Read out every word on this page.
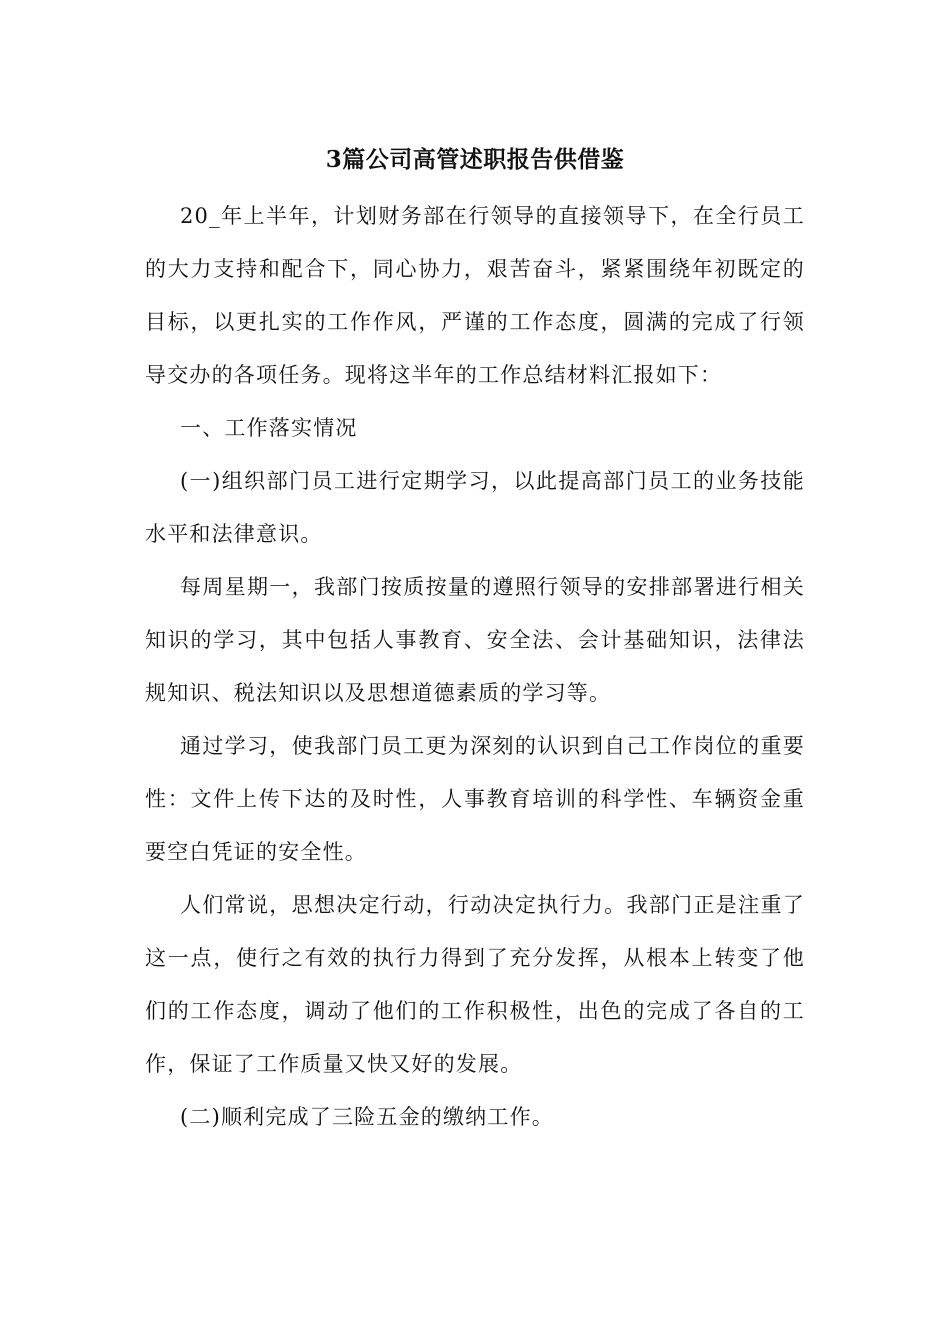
3篇公司高管述职报告供借鉴

20_年上半年，计划财务部在行领导的直接领导下，在全行员工的大力支持和配合下，同心协力，艰苦奋斗，紧紧围绕年初既定的目标，以更扎实的工作作风，严谨的工作态度，圆满的完成了行领导交办的各项任务。现将这半年的工作总结材料汇报如下：

一、工作落实情况

(一)组织部门员工进行定期学习，以此提高部门员工的业务技能水平和法律意识。

每周星期一，我部门按质按量的遵照行领导的安排部署进行相关知识的学习，其中包括人事教育、安全法、会计基础知识，法律法规知识、税法知识以及思想道德素质的学习等。

通过学习，使我部门员工更为深刻的认识到自己工作岗位的重要性：文件上传下达的及时性，人事教育培训的科学性、车辆资金重要空白凭证的安全性。

人们常说，思想决定行动，行动决定执行力。我部门正是注重了这一点，使行之有效的执行力得到了充分发挥，从根本上转变了他们的工作态度，调动了他们的工作积极性，出色的完成了各自的工作，保证了工作质量又快又好的发展。

(二)顺利完成了三险五金的缴纳工作。
